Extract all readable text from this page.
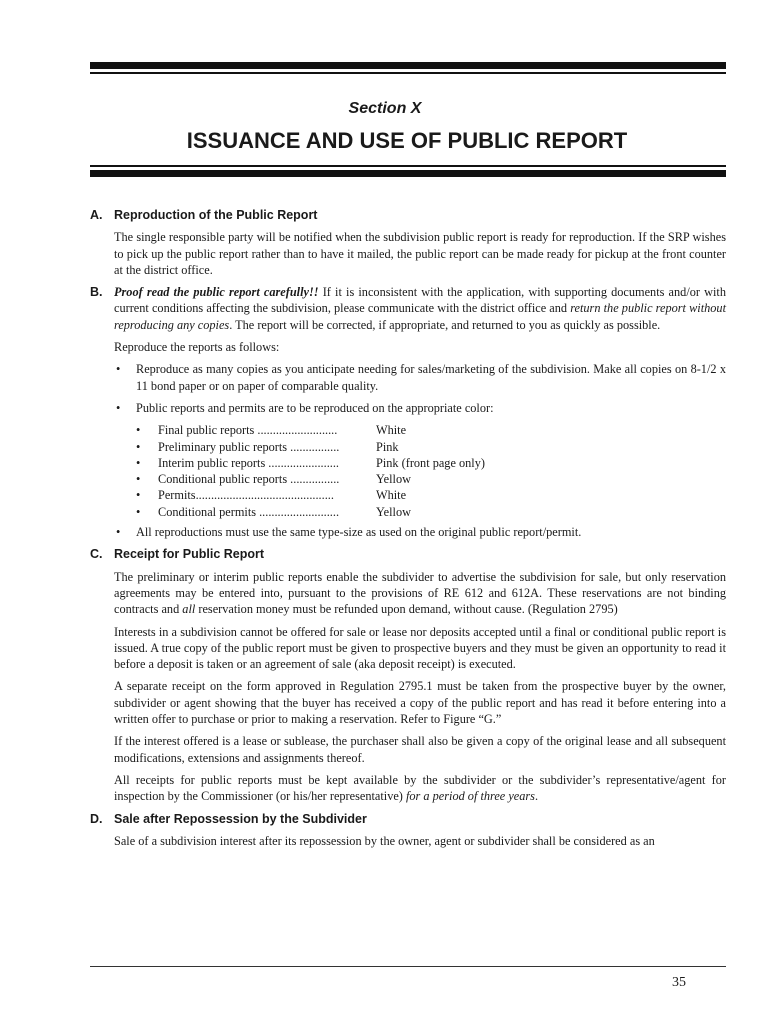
Section X
ISSUANCE AND USE OF PUBLIC REPORT
A. Reproduction of the Public Report

The single responsible party will be notified when the subdivision public report is ready for reproduction. If the SRP wishes to pick up the public report rather than to have it mailed, the public report can be made ready for pickup at the front counter at the district office.

B. Proof read the public report carefully!! If it is inconsistent with the application, with supporting documents and/or with current conditions affecting the subdivision, please communicate with the district office and return the public report without reproducing any copies. The report will be corrected, if appropriate, and returned to you as quickly as possible.

Reproduce the reports as follows:

• Reproduce as many copies as you anticipate needing for sales/marketing of the subdivision. Make all copies on 8-1/2 x 11 bond paper or on paper of comparable quality.
• Public reports and permits are to be reproduced on the appropriate color:
•	Final public reports ..........................	White
•	Preliminary public reports ................	Pink
•	Interim public reports .......................	Pink (front page only)
•	Conditional public reports ................	Yellow
•	Permits.............................................	White
•	Conditional permits ..........................	Yellow
• All reproductions must use the same type-size as used on the original public report/permit.
C. Receipt for Public Report

The preliminary or interim public reports enable the subdivider to advertise the subdivision for sale, but only reservation agreements may be entered into, pursuant to the provisions of RE 612 and 612A. These reservations are not binding contracts and all reservation money must be refunded upon demand, without cause. (Regulation 2795)

Interests in a subdivision cannot be offered for sale or lease nor deposits accepted until a final or conditional public report is issued. A true copy of the public report must be given to prospective buyers and they must be given an opportunity to read it before a deposit is taken or an agreement of sale (aka deposit receipt) is executed.

A separate receipt on the form approved in Regulation 2795.1 must be taken from the prospective buyer by the owner, subdivider or agent showing that the buyer has received a copy of the public report and has read it before entering into a written offer to purchase or prior to making a reservation. Refer to Figure “G.”

If the interest offered is a lease or sublease, the purchaser shall also be given a copy of the original lease and all subsequent modifications, extensions and assignments thereof.

All receipts for public reports must be kept available by the subdivider or the subdivider’s representative/agent for inspection by the Commissioner (or his/her representative) for a period of three years.

D. Sale after Repossession by the Subdivider

Sale of a subdivision interest after its repossession by the owner, agent or subdivider shall be considered as an

35
